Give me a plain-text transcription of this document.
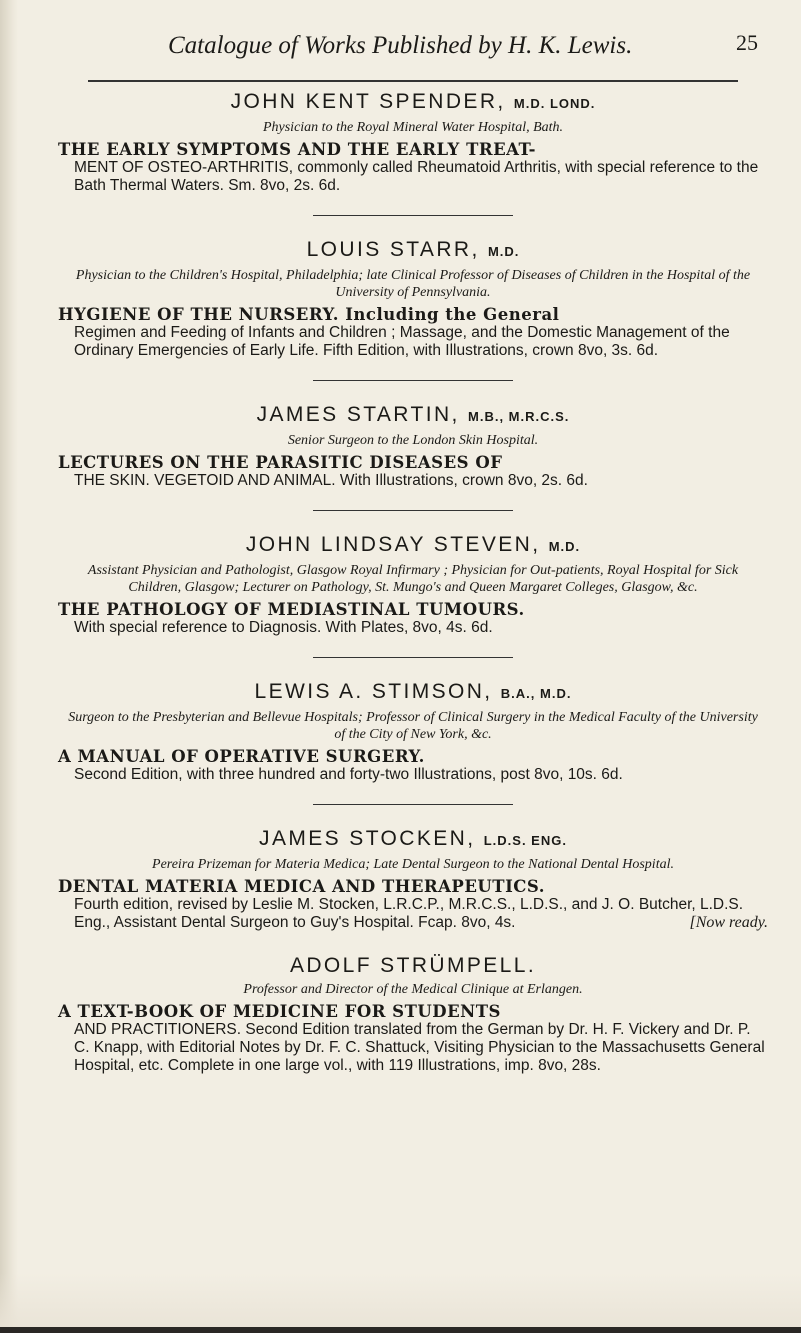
Catalogue of Works Published by H. K. Lewis.	25
JOHN KENT SPENDER, M.D. LOND.
Physician to the Royal Mineral Water Hospital, Bath.
THE EARLY SYMPTOMS AND THE EARLY TREAT-
MENT OF OSTEO-ARTHRITIS, commonly called Rheumatoid Arthritis, with special reference to the Bath Thermal Waters. Sm. 8vo, 2s. 6d.
LOUIS STARR, M.D.
Physician to the Children's Hospital, Philadelphia; late Clinical Professor of Diseases of Children in the Hospital of the University of Pennsylvania.
HYGIENE OF THE NURSERY. Including the General
Regimen and Feeding of Infants and Children ; Massage, and the Domestic Management of the Ordinary Emergencies of Early Life. Fifth Edition, with Illustrations, crown 8vo, 3s. 6d.
JAMES STARTIN, M.B., M.R.C.S.
Senior Surgeon to the London Skin Hospital.
LECTURES ON THE PARASITIC DISEASES OF
THE SKIN. VEGETOID AND ANIMAL. With Illustrations, crown 8vo, 2s. 6d.
JOHN LINDSAY STEVEN, M.D.
Assistant Physician and Pathologist, Glasgow Royal Infirmary ; Physician for Out-patients, Royal Hospital for Sick Children, Glasgow; Lecturer on Pathology, St. Mungo's and Queen Margaret Colleges, Glasgow, &c.
THE PATHOLOGY OF MEDIASTINAL TUMOURS.
With special reference to Diagnosis. With Plates, 8vo, 4s. 6d.
LEWIS A. STIMSON, B.A., M.D.
Surgeon to the Presbyterian and Bellevue Hospitals; Professor of Clinical Surgery in the Medical Faculty of the University of the City of New York, &c.
A MANUAL OF OPERATIVE SURGERY.
Second Edition, with three hundred and forty-two Illustrations, post 8vo, 10s. 6d.
JAMES STOCKEN, L.D.S. ENG.
Pereira Prizeman for Materia Medica; Late Dental Surgeon to the National Dental Hospital.
DENTAL MATERIA MEDICA AND THERAPEUTICS.
Fourth edition, revised by Leslie M. Stocken, L.R.C.P., M.R.C.S., L.D.S., and J. O. Butcher, L.D.S. Eng., Assistant Dental Surgeon to Guy's Hospital. Fcap. 8vo, 4s.	[Now ready.
ADOLF STRÜMPELL.
Professor and Director of the Medical Clinique at Erlangen.
A TEXT-BOOK OF MEDICINE FOR STUDENTS
AND PRACTITIONERS. Second Edition translated from the German by Dr. H. F. Vickery and Dr. P. C. Knapp, with Editorial Notes by Dr. F. C. Shattuck, Visiting Physician to the Massachusetts General Hospital, etc. Complete in one large vol., with 119 Illustrations, imp. 8vo, 28s.
